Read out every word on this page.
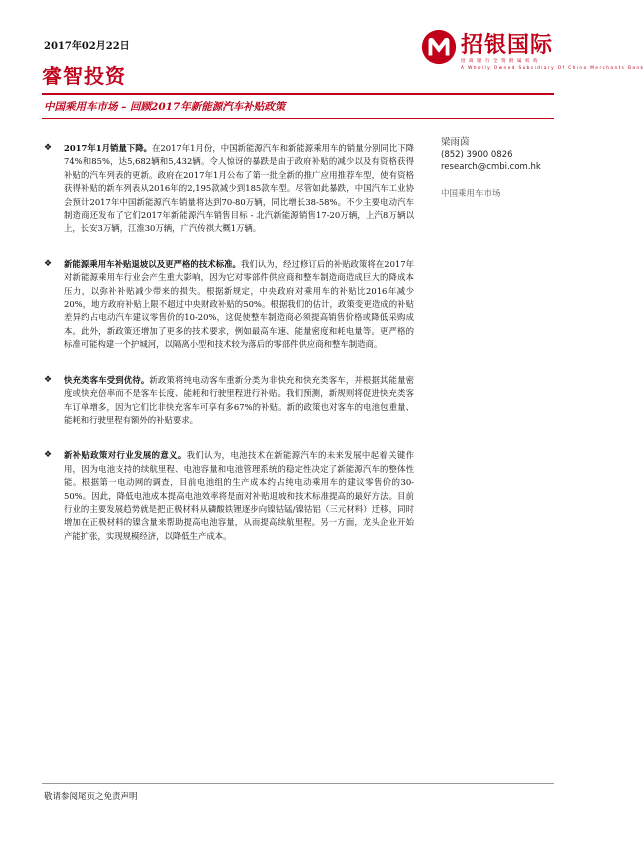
2017年02月22日
睿智投资
招银国际
招商银行全资附属机构
A Wholly Owned Subsidiary Of China Merchants Bank
中国乘用车市场 – 回顾2017年新能源汽车补贴政策
❖	2017年1月销量下降。在2017年1月份，中国新能源汽车和新能源乘用车的销量分别同比下降74%和85%，达5,682辆和5,432辆。令人惊讶的暴跌是由于政府补贴的减少以及有资格获得补贴的汽车列表的更新。政府在2017年1月公布了第一批全新的推广应用推荐车型，使有资格获得补贴的新车列表从2016年的2,195款减少到185款车型。尽管如此暴跌，中国汽车工业协会预计2017年中国新能源汽车销量将达到70-80万辆，同比增长38-58%。不少主要电动汽车制造商还发布了它们2017年新能源汽车销售目标 - 北汽新能源销售17-20万辆，上汽8万辆以上，长安3万辆，江淮30万辆，广汽传祺大概1万辆。
❖	新能源乘用车补贴退坡以及更严格的技术标准。我们认为，经过修订后的补贴政策将在2017年对新能源乘用车行业会产生重大影响，因为它对零部件供应商和整车制造商造成巨大的降成本压力，以弥补补贴减少带来的损失。根据新规定，中央政府对乘用车的补贴比2016年减少20%，地方政府补贴上限不超过中央财政补贴的50%。根据我们的估计，政策变更造成的补贴差异约占电动汽车建议零售价的10-20%，这促使整车制造商必须提高销售价格或降低采购成本。此外，新政策还增加了更多的技术要求，例如最高车速、能量密度和耗电量等。更严格的标准可能构建一个护城河，以隔离小型和技术较为落后的零部件供应商和整车制造商。
❖	快充类客车受到优待。新政策将纯电动客车重新分类为非快充和快充类客车，并根据其能量密度或快充倍率而不是客车长度、能耗和行驶里程进行补贴。我们预测，新规则将促进快充类客车订单增多，因为它们比非快充客车可享有多67%的补贴。新的政策也对客车的电池包重量、能耗和行驶里程有额外的补贴要求。
❖	新补贴政策对行业发展的意义。我们认为，电池技术在新能源汽车的未来发展中起着关键作用，因为电池支持的续航里程、电池容量和电池管理系统的稳定性决定了新能源汽车的整体性能。根据第一电动网的调查，目前电池组的生产成本约占纯电动乘用车的建议零售价的30-50%。因此，降低电池成本提高电池效率将是面对补贴退坡和技术标准提高的最好方法。目前行业的主要发展趋势就是把正极材料从磷酸铁锂逐步向镍钴锰/镍钴铝（三元材料）迁移，同时增加在正极材料的镍含量来帮助提高电池容量，从而提高续航里程。另一方面，龙头企业开始产能扩张，实现规模经济，以降低生产成本。
梁雨茵
(852) 3900 0826
research@cmbi.com.hk
中国乘用车市场
敬请参阅尾页之免责声明
